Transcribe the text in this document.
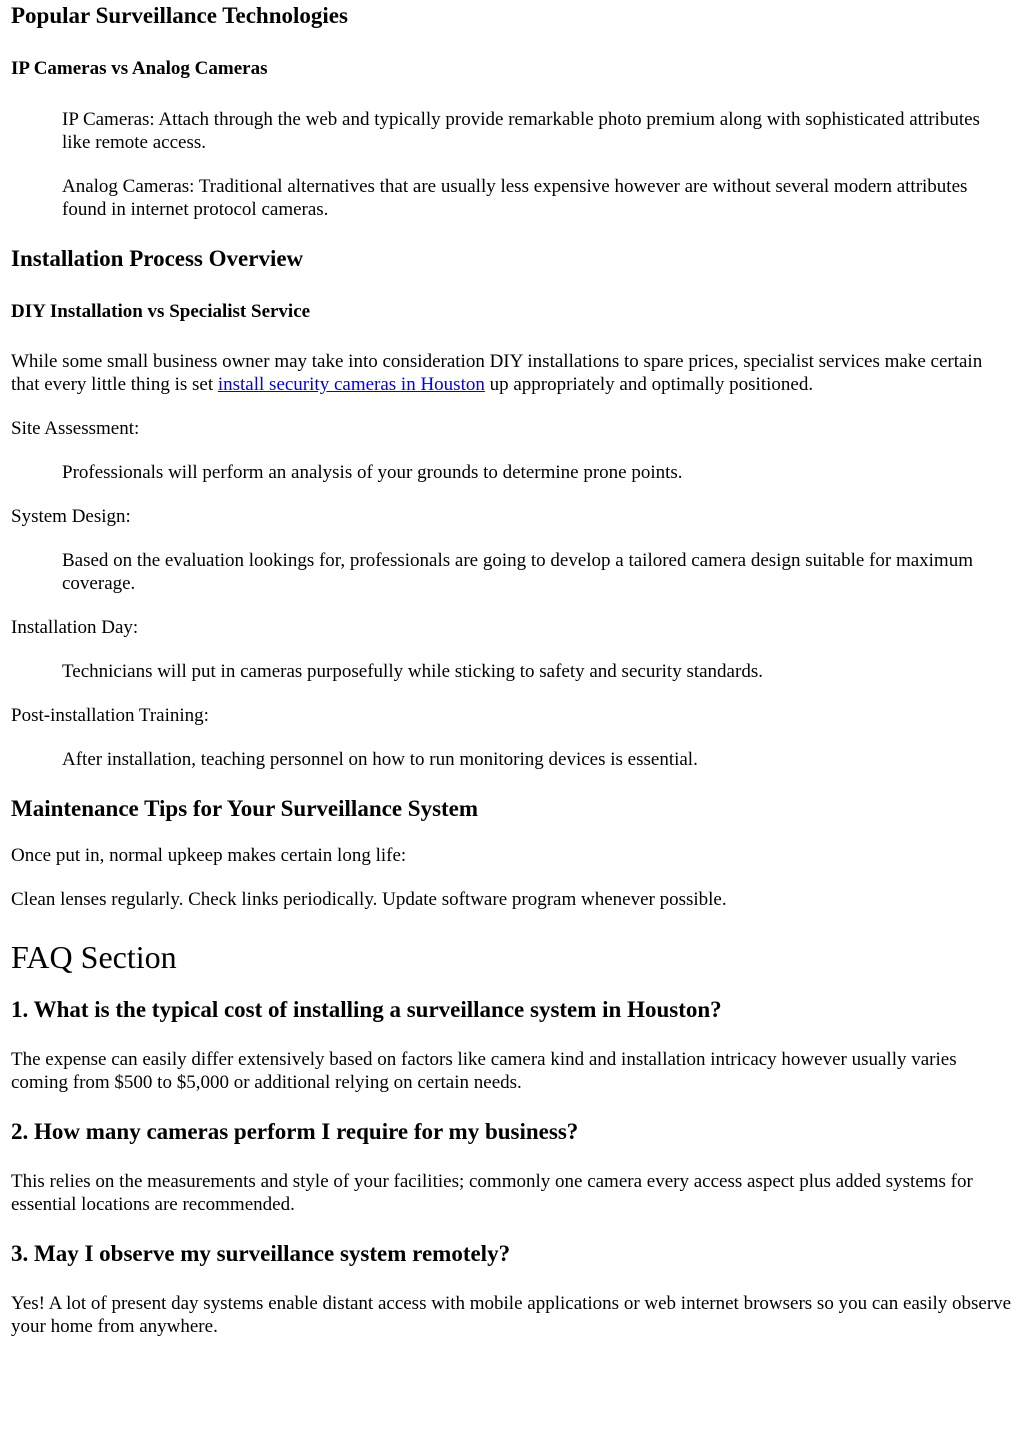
Popular Surveillance Technologies
IP Cameras vs Analog Cameras

IP Cameras: Attach through the web and typically provide remarkable photo premium along with sophisticated attributes like remote access.

Analog Cameras: Traditional alternatives that are usually less expensive however are without several modern attributes found in internet protocol cameras.

Installation Process Overview
DIY Installation vs Specialist Service

While some small business owner may take into consideration DIY installations to spare prices, specialist services make certain that every little thing is set install security cameras in Houston up appropriately and optimally positioned.

Site Assessment:

Professionals will perform an analysis of your grounds to determine prone points.

System Design:

Based on the evaluation lookings for, professionals are going to develop a tailored camera design suitable for maximum coverage.

Installation Day:

Technicians will put in cameras purposefully while sticking to safety and security standards.

Post-installation Training:

After installation, teaching personnel on how to run monitoring devices is essential.

Maintenance Tips for Your Surveillance System

Once put in, normal upkeep makes certain long life:

Clean lenses regularly. Check links periodically. Update software program whenever possible.

FAQ Section
1. What is the typical cost of installing a surveillance system in Houston?

The expense can easily differ extensively based on factors like camera kind and installation intricacy however usually varies coming from $500 to $5,000 or additional relying on certain needs.

2. How many cameras perform I require for my business?

This relies on the measurements and style of your facilities; commonly one camera every access aspect plus added systems for essential locations are recommended.

3. May I observe my surveillance system remotely?

Yes! A lot of present day systems enable distant access with mobile applications or web internet browsers so you can easily observe your home from anywhere.
